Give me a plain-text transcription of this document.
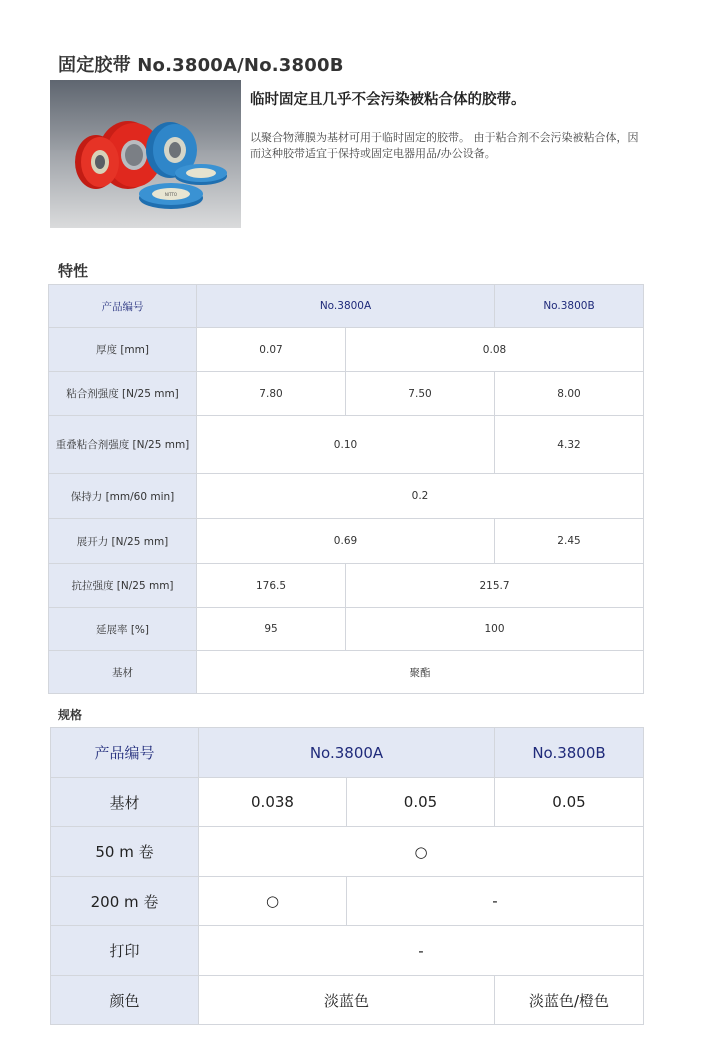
固定胶带 No.3800A/No.3800B
NITTO

临时固定且几乎不会污染被粘合体的胶带。

以聚合物薄膜为基材可用于临时固定的胶带。 由于粘合剂不会污染被粘合体，因而这种胶带适宜于保持或固定电器用品/办公设备。

特性
产品编号	No.3800A		No.3800B
厚度 [mm]	0.07	0.08	
粘合剂强度 [N/25 mm]	7.80	7.50	8.00
重叠粘合剂强度 [N/25 mm]	0.10		4.32
保持力 [mm/60 min]	0.2		
展开力 [N/25 mm]	0.69		2.45
抗拉强度 [N/25 mm]	176.5	215.7	
延展率 [%]	95	100	
基材	聚酯		
规格
产品编号	No.3800A		No.3800B
基材	0.038	0.05	0.05
50 m 卷	○		
200 m 卷	○	-	
打印	-		
颜色	淡蓝色		淡蓝色/橙色
